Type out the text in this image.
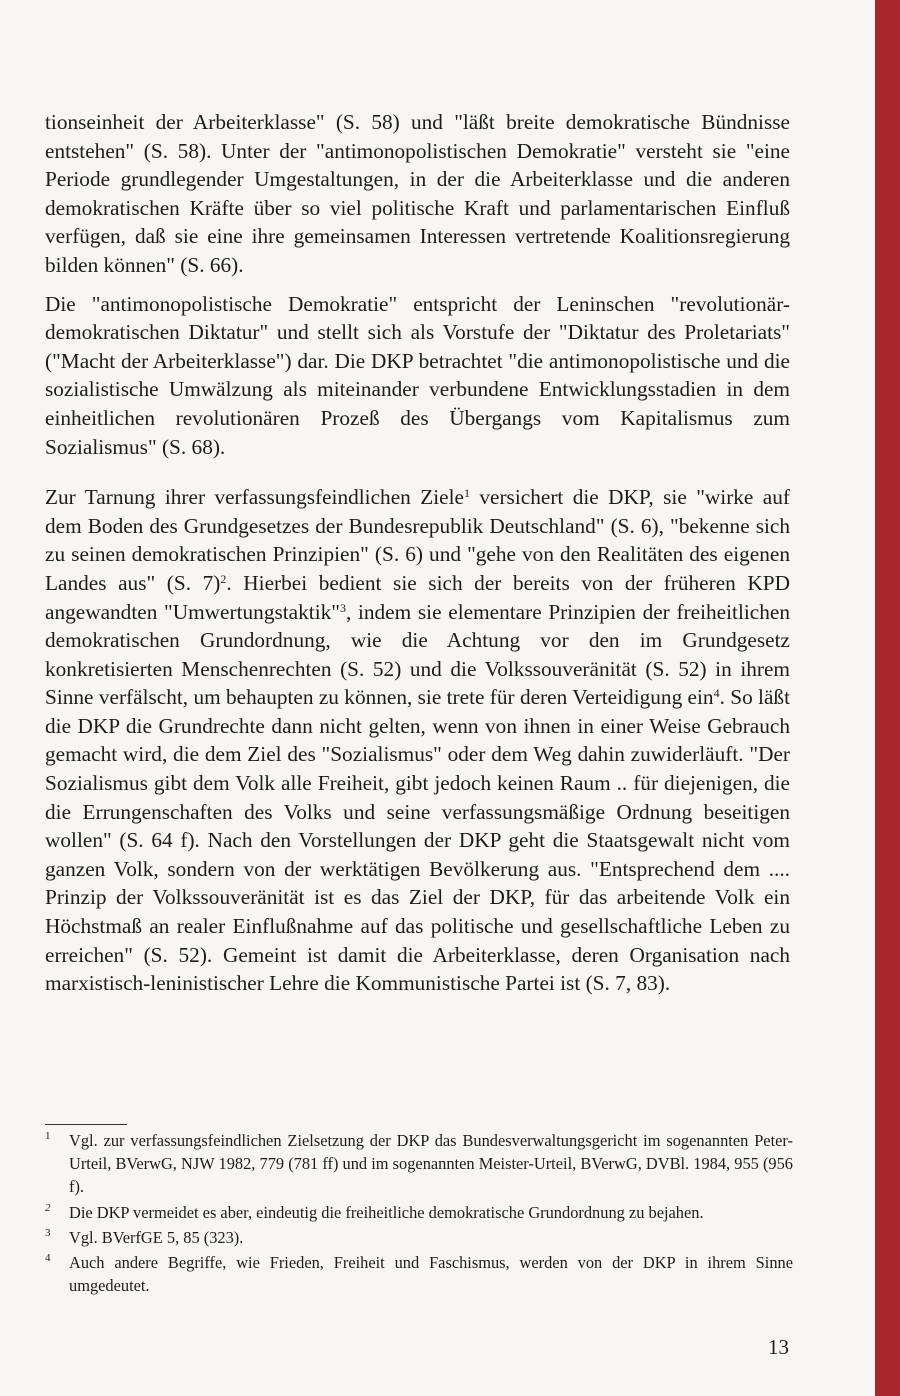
tionseinheit der Arbeiterklasse" (S. 58) und "läßt breite demokratische Bündnisse entstehen" (S. 58). Unter der "antimonopolistischen Demokratie" versteht sie "eine Periode grundlegender Umgestaltungen, in der die Arbeiterklasse und die anderen demokratischen Kräfte über so viel politische Kraft und parlamentarischen Einfluß verfügen, daß sie eine ihre gemeinsamen Interessen vertretende Koalitionsregierung bilden können" (S. 66).

Die "antimonopolistische Demokratie" entspricht der Leninschen "revolutionär-demokratischen Diktatur" und stellt sich als Vorstufe der "Diktatur des Proletariats" ("Macht der Arbeiterklasse") dar. Die DKP betrachtet "die antimonopolistische und die sozialistische Umwälzung als miteinander verbundene Entwicklungsstadien in dem einheitlichen revolutionären Prozeß des Übergangs vom Kapitalismus zum Sozialismus" (S. 68).

Zur Tarnung ihrer verfassungsfeindlichen Ziele$^1$ versichert die DKP, sie "wirke auf dem Boden des Grundgesetzes der Bundesrepublik Deutschland" (S. 6), "bekenne sich zu seinen demokratischen Prinzipien" (S. 6) und "gehe von den Realitäten des eigenen Landes aus" (S. 7)$^2$. Hierbei bedient sie sich der bereits von der früheren KPD angewandten "Umwertungstaktik"$^3$, indem sie elementare Prinzipien der freiheitlichen demokratischen Grundordnung, wie die Achtung vor den im Grundgesetz konkretisierten Menschenrechten (S. 52) und die Volkssouveränität (S. 52) in ihrem Sinne verfälscht, um behaupten zu können, sie trete für deren Verteidigung ein$^4$. So läßt die DKP die Grundrechte dann nicht gelten, wenn von ihnen in einer Weise Gebrauch gemacht wird, die dem Ziel des "Sozialismus" oder dem Weg dahin zuwiderläuft. "Der Sozialismus gibt dem Volk alle Freiheit, gibt jedoch keinen Raum .. für diejenigen, die die Errungenschaften des Volks und seine verfassungsmäßige Ordnung beseitigen wollen" (S. 64 f). Nach den Vorstellungen der DKP geht die Staatsgewalt nicht vom ganzen Volk, sondern von der werktätigen Bevölkerung aus. "Entsprechend dem .... Prinzip der Volkssouveränität ist es das Ziel der DKP, für das arbeitende Volk ein Höchstmaß an realer Einflußnahme auf das politische und gesellschaftliche Leben zu erreichen" (S. 52). Gemeint ist damit die Arbeiterklasse, deren Organisation nach marxistisch-leninistischer Lehre die Kommunistische Partei ist (S. 7, 83).

1 Vgl. zur verfassungsfeindlichen Zielsetzung der DKP das Bundesverwaltungsgericht im sogenannten Peter-Urteil, BVerwG, NJW 1982, 779 (781 ff) und im sogenannten Meister-Urteil, BVerwG, DVBl. 1984, 955 (956 f).
2 Die DKP vermeidet es aber, eindeutig die freiheitliche demokratische Grundordnung zu bejahen.
3 Vgl. BVerfGE 5, 85 (323).
4 Auch andere Begriffe, wie Frieden, Freiheit und Faschismus, werden von der DKP in ihrem Sinne umgedeutet.
13
